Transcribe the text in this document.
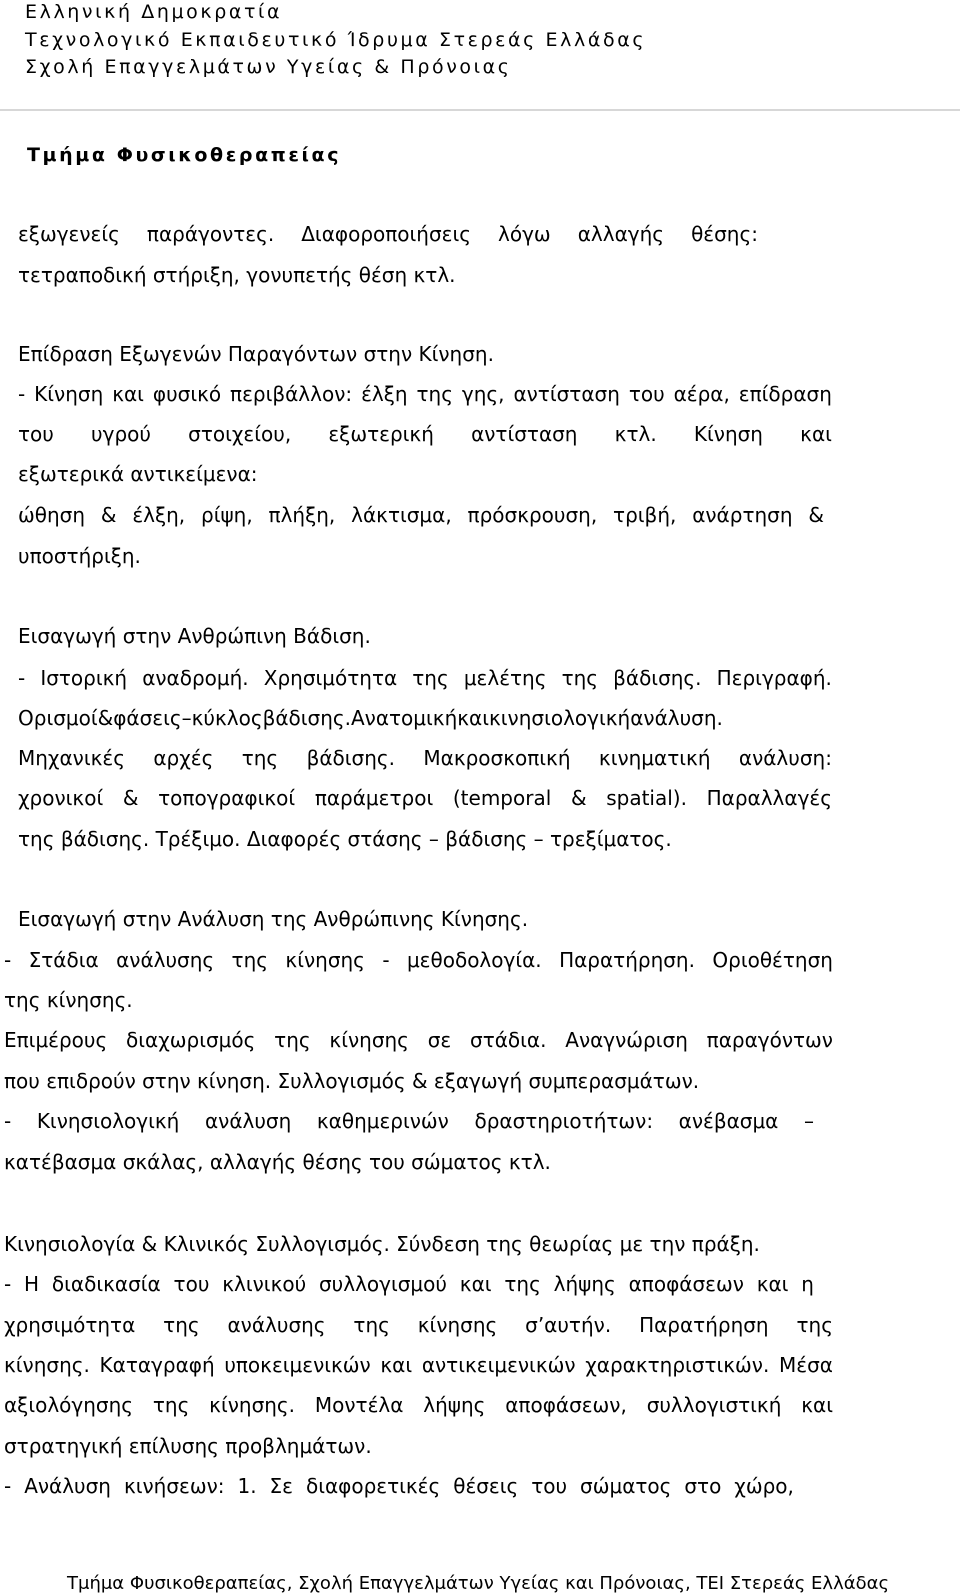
Ελληνική Δημοκρατία
Τεχνολογικό Εκπαιδευτικό Ίδρυμα Στερεάς Ελλάδας
Σχολή Επαγγελμάτων Υγείας & Πρόνοιας
Τμήμα Φυσικοθεραπείας
εξωγενείς παράγοντες. Διαφοροποιήσεις λόγω αλλαγής θέσης:
τετραποδική στήριξη, γονυπετής θέση κτλ.
Επίδραση Εξωγενών Παραγόντων στην Κίνηση.
- Κίνηση και φυσικό περιβάλλον: έλξη της γης, αντίσταση του αέρα, επίδραση
του υγρού στοιχείου, εξωτερική αντίσταση κτλ. Κίνηση και
εξωτερικά αντικείμενα:
ώθηση & έλξη, ρίψη, πλήξη, λάκτισμα, πρόσκρουση, τριβή, ανάρτηση &
υποστήριξη.
Εισαγωγή στην Ανθρώπινη Βάδιση.
- Ιστορική αναδρομή. Χρησιμότητα της μελέτης της βάδισης. Περιγραφή.
Ορισμοί & φάσεις – κύκλος βάδισης. Ανατομική και κινησιολογική ανάλυση.
Μηχανικές αρχές της βάδισης. Μακροσκοπική κινηματική ανάλυση:
χρονικοί & τοπογραφικοί παράμετροι (temporal & spatial). Παραλλαγές
της βάδισης. Τρέξιμο. Διαφορές στάσης – βάδισης – τρεξίματος.
Εισαγωγή στην Ανάλυση της Ανθρώπινης Κίνησης.
- Στάδια ανάλυσης της κίνησης - μεθοδολογία. Παρατήρηση. Οριοθέτηση
της κίνησης.
Επιμέρους διαχωρισμός της κίνησης σε στάδια. Αναγνώριση παραγόντων
που επιδρούν στην κίνηση. Συλλογισμός & εξαγωγή συμπερασμάτων.
- Κινησιολογική ανάλυση καθημερινών δραστηριοτήτων: ανέβασμα –
κατέβασμα σκάλας, αλλαγής θέσης του σώματος κτλ.
Κινησιολογία & Κλινικός Συλλογισμός. Σύνδεση της θεωρίας με την πράξη.
- Η διαδικασία του κλινικού συλλογισμού και της λήψης αποφάσεων και η
χρησιμότητα της ανάλυσης της κίνησης σ’αυτήν. Παρατήρηση της
κίνησης. Καταγραφή υποκειμενικών και αντικειμενικών χαρακτηριστικών. Μέσα
αξιολόγησης της κίνησης. Μοντέλα λήψης αποφάσεων, συλλογιστική και
στρατηγική επίλυσης προβλημάτων.
- Ανάλυση κινήσεων: 1. Σε διαφορετικές θέσεις του σώματος στο χώρο,
Τμήμα Φυσικοθεραπείας, Σχολή Επαγγελμάτων Υγείας και Πρόνοιας, ΤΕΙ Στερεάς Ελλάδας
